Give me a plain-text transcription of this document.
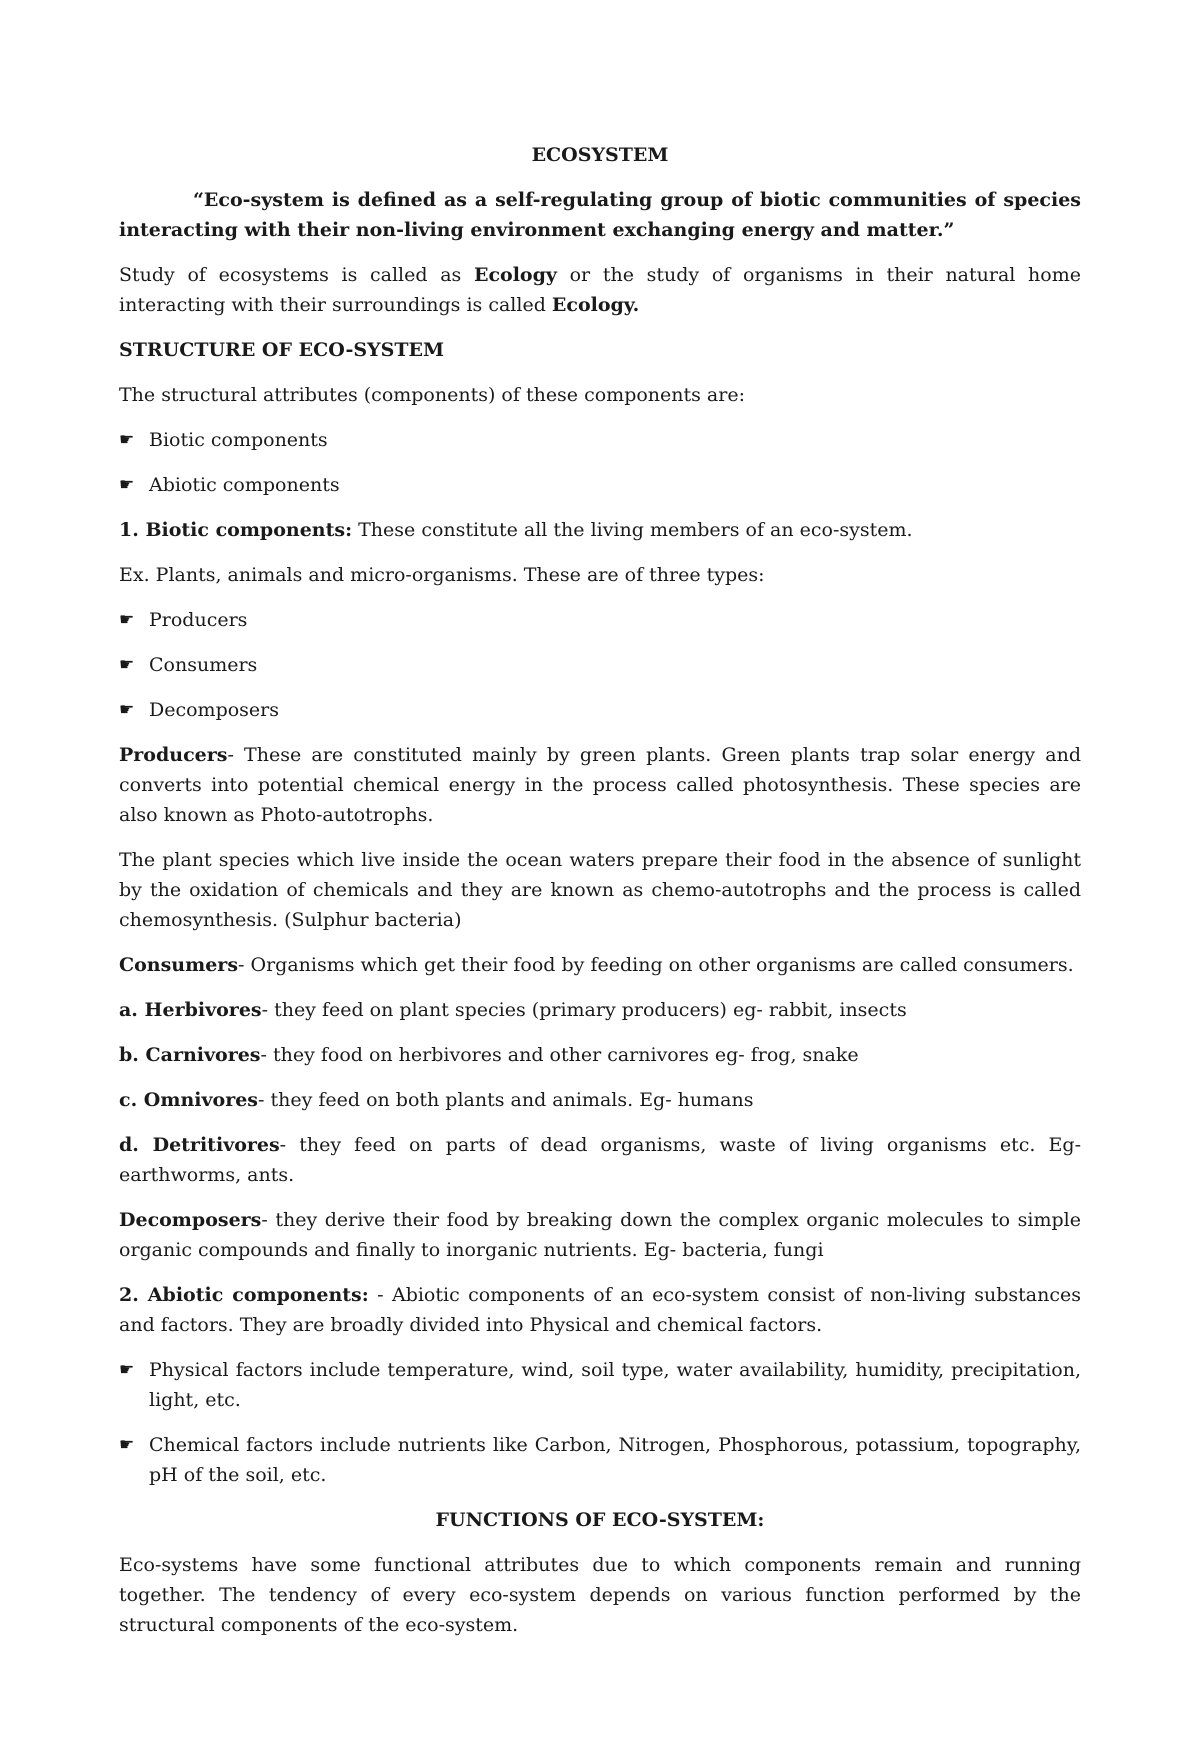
ECOSYSTEM

“Eco-system is defined as a self-regulating group of biotic communities of species interacting with their non-living environment exchanging energy and matter.”

Study of ecosystems is called as Ecology or the study of organisms in their natural home interacting with their surroundings is called Ecology.

STRUCTURE OF ECO-SYSTEM

The structural attributes (components) of these components are:

☛ Biotic components

☛ Abiotic components

1. Biotic components: These constitute all the living members of an eco-system.

Ex. Plants, animals and micro-organisms. These are of three types:

☛ Producers

☛ Consumers

☛ Decomposers

Producers- These are constituted mainly by green plants. Green plants trap solar energy and converts into potential chemical energy in the process called photosynthesis. These species are also known as Photo-autotrophs.

The plant species which live inside the ocean waters prepare their food in the absence of sunlight by the oxidation of chemicals and they are known as chemo-autotrophs and the process is called chemosynthesis. (Sulphur bacteria)

Consumers- Organisms which get their food by feeding on other organisms are called consumers.

a. Herbivores- they feed on plant species (primary producers) eg- rabbit, insects

b. Carnivores- they food on herbivores and other carnivores eg- frog, snake

c. Omnivores- they feed on both plants and animals. Eg- humans

d. Detritivores- they feed on parts of dead organisms, waste of living organisms etc. Eg- earthworms, ants.

Decomposers- they derive their food by breaking down the complex organic molecules to simple organic compounds and finally to inorganic nutrients. Eg- bacteria, fungi

2. Abiotic components: - Abiotic components of an eco-system consist of non-living substances and factors. They are broadly divided into Physical and chemical factors.

☛ Physical factors include temperature, wind, soil type, water availability, humidity, precipitation, light, etc.

☛ Chemical factors include nutrients like Carbon, Nitrogen, Phosphorous, potassium, topography, pH of the soil, etc.

FUNCTIONS OF ECO-SYSTEM:

Eco-systems have some functional attributes due to which components remain and running together. The tendency of every eco-system depends on various function performed by the structural components of the eco-system.
